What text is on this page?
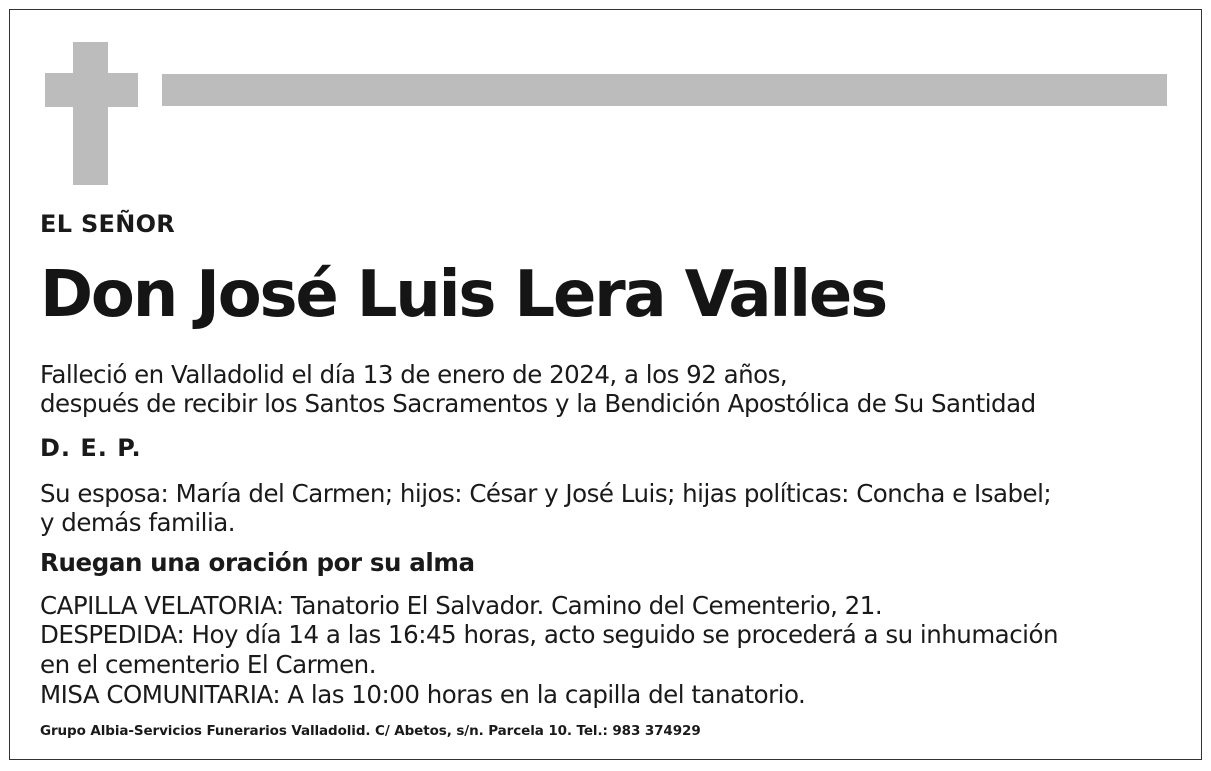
EL SEÑOR

Don José Luis Lera Valles

Falleció en Valladolid el día 13 de enero de 2024, a los 92 años,

después de recibir los Santos Sacramentos y la Bendición Apostólica de Su Santidad

D. E. P.

Su esposa: María del Carmen; hijos: César y José Luis; hijas políticas: Concha e Isabel;

y demás familia.

Ruegan una oración por su alma

CAPILLA VELATORIA: Tanatorio El Salvador. Camino del Cementerio, 21.

DESPEDIDA: Hoy día 14 a las 16:45 horas, acto seguido se procederá a su inhumación

en el cementerio El Carmen.

MISA COMUNITARIA: A las 10:00 horas en la capilla del tanatorio.

Grupo Albia-Servicios Funerarios Valladolid. C/ Abetos, s/n. Parcela 10. Tel.: 983 374929
